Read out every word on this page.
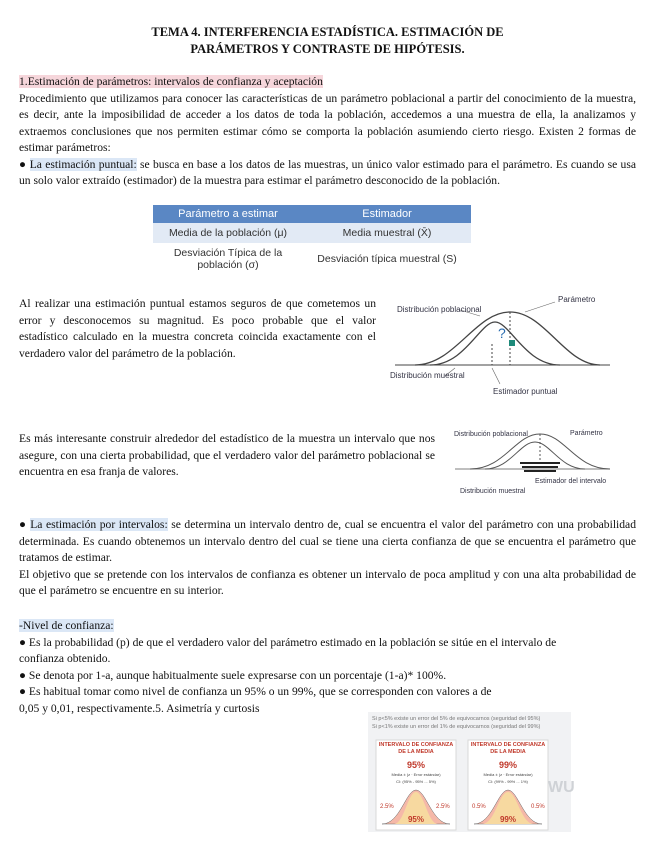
TEMA 4. INTERFERENCIA ESTADÍSTICA. ESTIMACIÓN DE
PARÁMETROS Y CONTRASTE DE HIPÓTESIS.
1.Estimación de parámetros: intervalos de confianza y aceptación
Procedimiento que utilizamos para conocer las características de un parámetro poblacional a partir del conocimiento de la muestra, es decir, ante la imposibilidad de acceder a los datos de toda la población, accedemos a una muestra de ella, la analizamos y extraemos conclusiones que nos permiten estimar cómo se comporta la población asumiendo cierto riesgo. Existen 2 formas de estimar parámetros:
● La estimación puntual: se busca en base a los datos de las muestras, un único valor estimado para el parámetro. Es cuando se usa un solo valor extraído (estimador) de la muestra para estimar el parámetro desconocido de la población.
Parámetro a estimar	Estimador
Media de la población (μ)	Media muestral (X̄)
Desviación Típica de la población (σ)	Desviación típica muestral (S)
Al realizar una estimación puntual estamos seguros de que cometemos un error y desconocemos su magnitud. Es poco probable que el valor estadístico calculado en la muestra concreta coincida exactamente con el verdadero valor del parámetro de la población.
?
Distribución poblacional
Parámetro
Distribución muestral
Estimador puntual
Es más interesante construir alrededor del estadístico de la muestra un intervalo que nos asegure, con una cierta probabilidad, que el verdadero valor del parámetro poblacional se encuentra en esa franja de valores.
Distribución poblacional	Parámetro
Estimador del intervalo
Distribución muestral
● La estimación por intervalos: se determina un intervalo dentro de, cual se encuentra el valor del parámetro con una probabilidad determinada. Es cuando obtenemos un intervalo dentro del cual se tiene una cierta confianza de que se encuentra el parámetro que tratamos de estimar.
El objetivo que se pretende con los intervalos de confianza es obtener un intervalo de poca amplitud y con una alta probabilidad de que el parámetro se encuentre en su interior.
-Nivel de confianza:
● Es la probabilidad (p) de que el verdadero valor del parámetro estimado en la población se sitúe en el intervalo de confianza obtenido.
● Se denota por 1-a, aunque habitualmente suele expresarse con un porcentaje (1-a)* 100%.
● Es habitual tomar como nivel de confianza un 95% o un 99%, que se corresponden con valores a de
0,05 y 0,01, respectivamente.5. Asimetría y curtosis
Si p<5% existe un error del 5% de equivocarnos (seguridad del 95%)
Si p<1% existe un error del 1% de equivocarnos (seguridad del 99%)
INTERVALO DE CONFIANZA DE LA MEDIA
95%
Media ± (z · Error estándar)
CI: (95% - 95% ... 5%)
2.5%	2.5%
95%
INTERVALO DE CONFIANZA DE LA MEDIA
99%
Media ± (z · Error estándar)
CI: (99% - 99% ... 1%)
0.5%	0.5%
99%
WU
